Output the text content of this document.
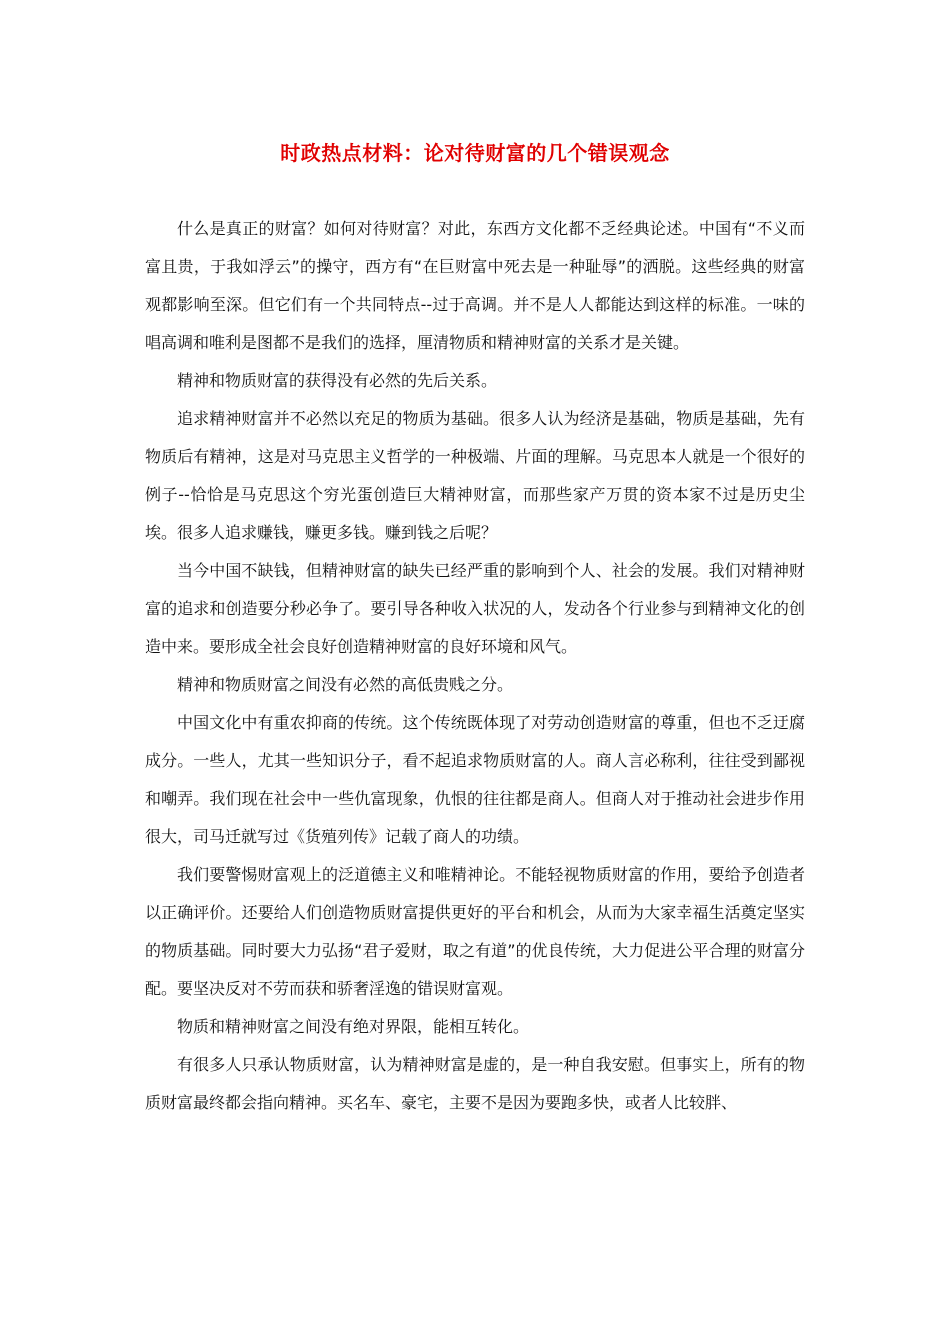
时政热点材料：论对待财富的几个错误观念

什么是真正的财富？如何对待财富？对此，东西方文化都不乏经典论述。中国有“不义而富且贵，于我如浮云”的操守，西方有“在巨财富中死去是一种耻辱”的洒脱。这些经典的财富观都影响至深。但它们有一个共同特点--过于高调。并不是人人都能达到这样的标准。一味的唱高调和唯利是图都不是我们的选择，厘清物质和精神财富的关系才是关键。

精神和物质财富的获得没有必然的先后关系。

追求精神财富并不必然以充足的物质为基础。很多人认为经济是基础，物质是基础，先有物质后有精神，这是对马克思主义哲学的一种极端、片面的理解。马克思本人就是一个很好的例子--恰恰是马克思这个穷光蛋创造巨大精神财富，而那些家产万贯的资本家不过是历史尘埃。很多人追求赚钱，赚更多钱。赚到钱之后呢？

当今中国不缺钱，但精神财富的缺失已经严重的影响到个人、社会的发展。我们对精神财富的追求和创造要分秒必争了。要引导各种收入状况的人，发动各个行业参与到精神文化的创造中来。要形成全社会良好创造精神财富的良好环境和风气。

精神和物质财富之间没有必然的高低贵贱之分。

中国文化中有重农抑商的传统。这个传统既体现了对劳动创造财富的尊重，但也不乏迂腐成分。一些人，尤其一些知识分子，看不起追求物质财富的人。商人言必称利，往往受到鄙视和嘲弄。我们现在社会中一些仇富现象，仇恨的往往都是商人。但商人对于推动社会进步作用很大，司马迁就写过《货殖列传》记载了商人的功绩。

我们要警惕财富观上的泛道德主义和唯精神论。不能轻视物质财富的作用，要给予创造者以正确评价。还要给人们创造物质财富提供更好的平台和机会，从而为大家幸福生活奠定坚实的物质基础。同时要大力弘扬“君子爱财，取之有道”的优良传统，大力促进公平合理的财富分配。要坚决反对不劳而获和骄奢淫逸的错误财富观。

物质和精神财富之间没有绝对界限，能相互转化。

有很多人只承认物质财富，认为精神财富是虚的，是一种自我安慰。但事实上，所有的物质财富最终都会指向精神。买名车、豪宅，主要不是因为要跑多快，或者人比较胖、
